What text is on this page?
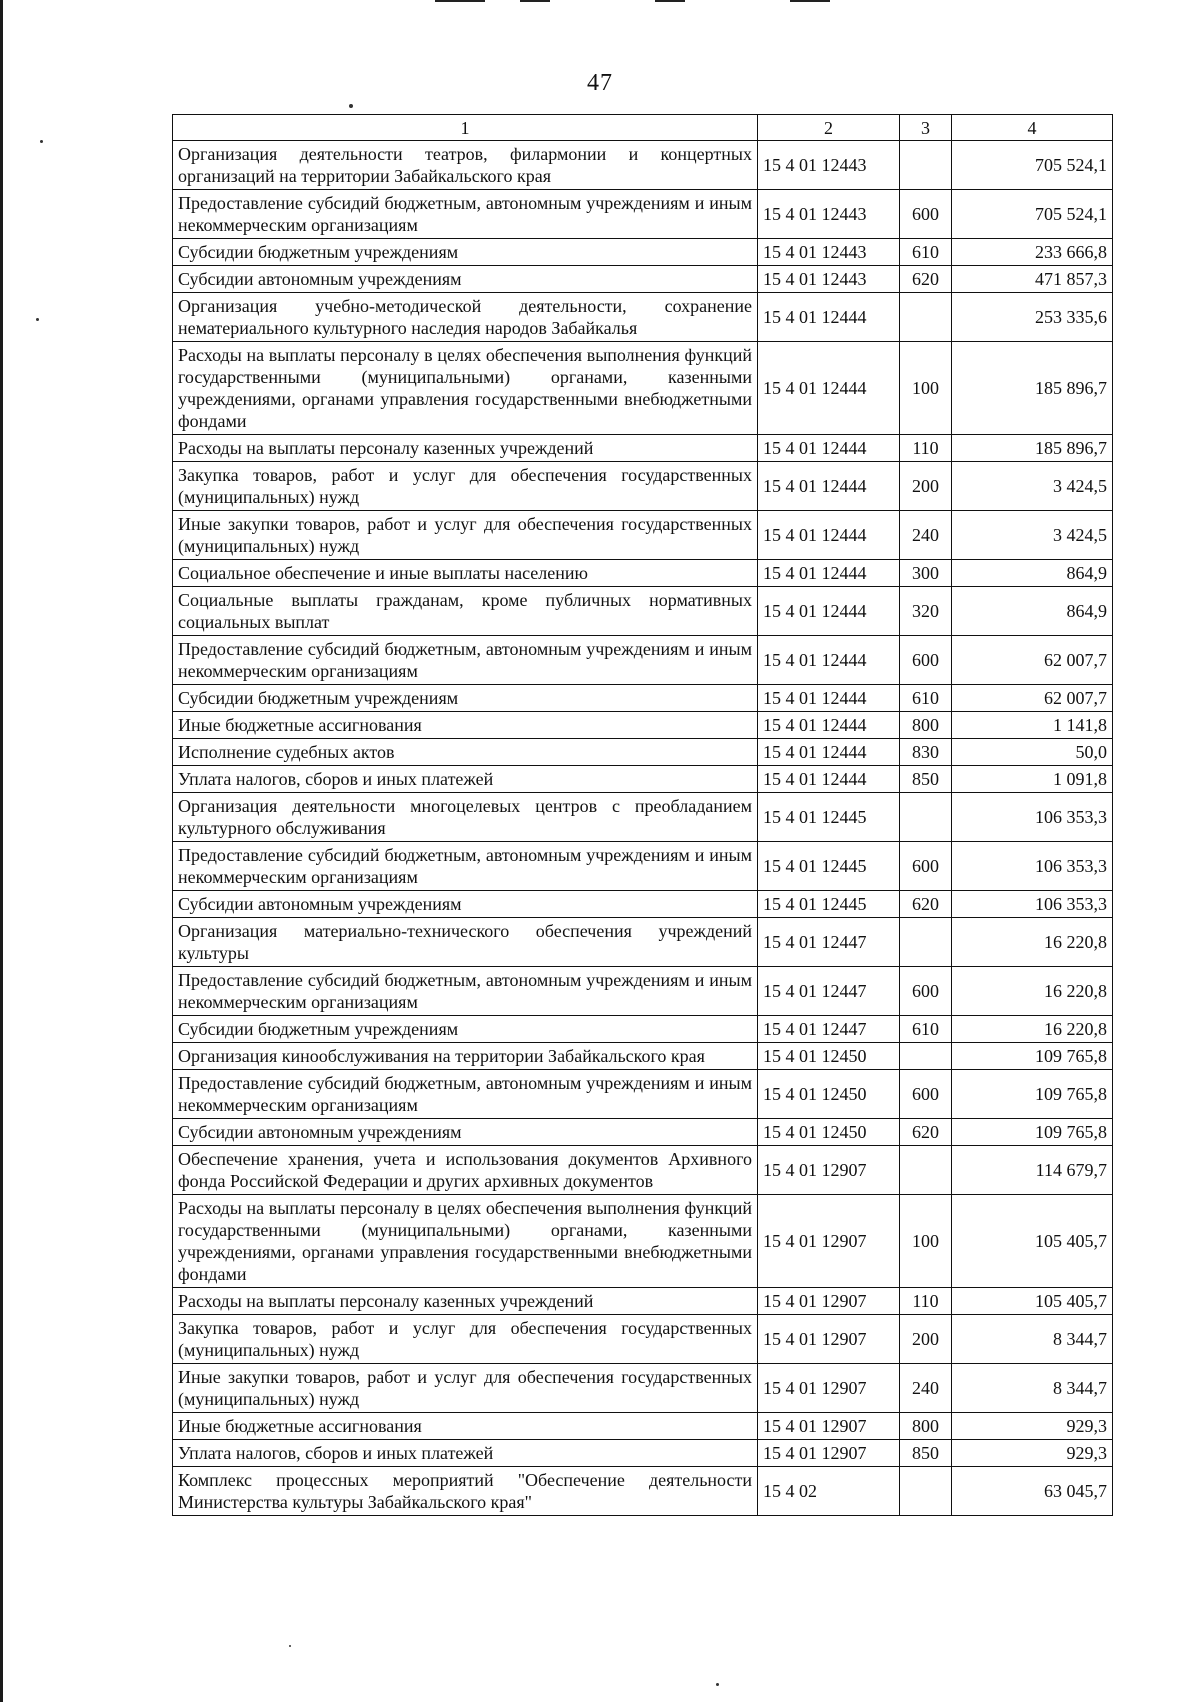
47
1	2	3	4
Организация деятельности театров, филармонии и концертных организаций на территории Забайкальского края	15 4 01 12443		705 524,1
Предоставление субсидий бюджетным, автономным учреждениям и иным некоммерческим организациям	15 4 01 12443	600	705 524,1
Субсидии бюджетным учреждениям	15 4 01 12443	610	233 666,8
Субсидии автономным учреждениям	15 4 01 12443	620	471 857,3
Организация учебно-методической деятельности, сохранение нематериального культурного наследия народов Забайкалья	15 4 01 12444		253 335,6
Расходы на выплаты персоналу в целях обеспечения выполнения функций государственными (муниципальными) органами, казенными учреждениями, органами управления государственными внебюджетными фондами	15 4 01 12444	100	185 896,7
Расходы на выплаты персоналу казенных учреждений	15 4 01 12444	110	185 896,7
Закупка товаров, работ и услуг для обеспечения государственных (муниципальных) нужд	15 4 01 12444	200	3 424,5
Иные закупки товаров, работ и услуг для обеспечения государственных (муниципальных) нужд	15 4 01 12444	240	3 424,5
Социальное обеспечение и иные выплаты населению	15 4 01 12444	300	864,9
Социальные выплаты гражданам, кроме публичных нормативных социальных выплат	15 4 01 12444	320	864,9
Предоставление субсидий бюджетным, автономным учреждениям и иным некоммерческим организациям	15 4 01 12444	600	62 007,7
Субсидии бюджетным учреждениям	15 4 01 12444	610	62 007,7
Иные бюджетные ассигнования	15 4 01 12444	800	1 141,8
Исполнение судебных актов	15 4 01 12444	830	50,0
Уплата налогов, сборов и иных платежей	15 4 01 12444	850	1 091,8
Организация деятельности многоцелевых центров с преобладанием культурного обслуживания	15 4 01 12445		106 353,3
Предоставление субсидий бюджетным, автономным учреждениям и иным некоммерческим организациям	15 4 01 12445	600	106 353,3
Субсидии автономным учреждениям	15 4 01 12445	620	106 353,3
Организация материально-технического обеспечения учреждений культуры	15 4 01 12447		16 220,8
Предоставление субсидий бюджетным, автономным учреждениям и иным некоммерческим организациям	15 4 01 12447	600	16 220,8
Субсидии бюджетным учреждениям	15 4 01 12447	610	16 220,8
Организация кинообслуживания на территории Забайкальского края	15 4 01 12450		109 765,8
Предоставление субсидий бюджетным, автономным учреждениям и иным некоммерческим организациям	15 4 01 12450	600	109 765,8
Субсидии автономным учреждениям	15 4 01 12450	620	109 765,8
Обеспечение хранения, учета и использования документов Архивного фонда Российской Федерации и других архивных документов	15 4 01 12907		114 679,7
Расходы на выплаты персоналу в целях обеспечения выполнения функций государственными (муниципальными) органами, казенными учреждениями, органами управления государственными внебюджетными фондами	15 4 01 12907	100	105 405,7
Расходы на выплаты персоналу казенных учреждений	15 4 01 12907	110	105 405,7
Закупка товаров, работ и услуг для обеспечения государственных (муниципальных) нужд	15 4 01 12907	200	8 344,7
Иные закупки товаров, работ и услуг для обеспечения государственных (муниципальных) нужд	15 4 01 12907	240	8 344,7
Иные бюджетные ассигнования	15 4 01 12907	800	929,3
Уплата налогов, сборов и иных платежей	15 4 01 12907	850	929,3
Комплекс процессных мероприятий "Обеспечение деятельности Министерства культуры Забайкальского края"	15 4 02		63 045,7
